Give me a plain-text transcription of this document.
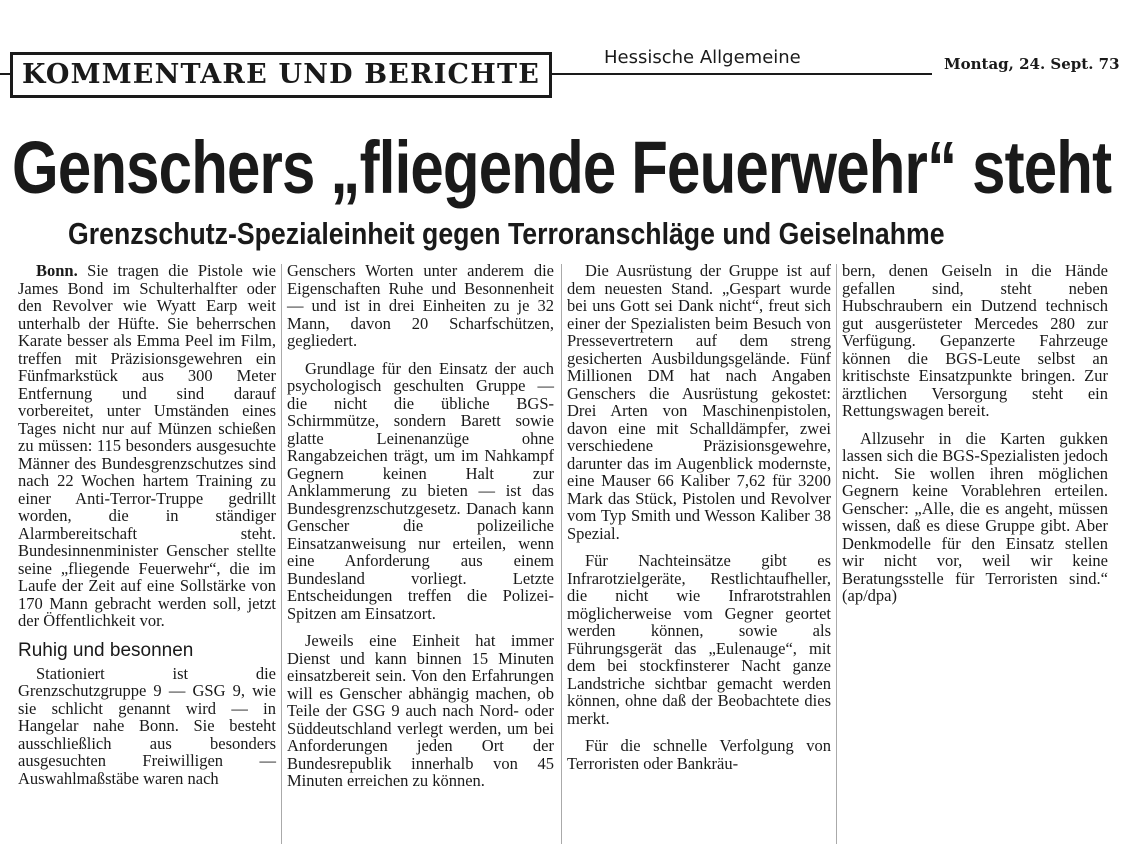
KOMMENTARE UND BERICHTE
Hessische Allgemeine	Montag, 24. Sept. 73
Genschers „fliegende Feuerwehr“ steht
Grenzschutz-Spezialeinheit gegen Terroranschläge und Geiselnahme

Bonn. Sie tragen die Pistole wie James Bond im Schulterhalfter oder den Revolver wie Wyatt Earp weit unterhalb der Hüfte. Sie beherrschen Karate besser als Emma Peel im Film, treffen mit Präzisionsgewehren ein Fünfmarkstück aus 300 Meter Entfernung und sind darauf vorbereitet, unter Umständen eines Tages nicht nur auf Münzen schießen zu müssen: 115 besonders ausgesuchte Männer des Bundesgrenzschutzes sind nach 22 Wochen hartem Training zu einer Anti-Terror-Truppe gedrillt worden, die in ständiger Alarmbereitschaft steht. Bundesinnenminister Genscher stellte seine „fliegende Feuerwehr“, die im Laufe der Zeit auf eine Sollstärke von 170 Mann gebracht werden soll, jetzt der Öffentlichkeit vor.

Ruhig und besonnen

Stationiert ist die Grenzschutzgruppe 9 — GSG 9, wie sie schlicht genannt wird — in Hangelar nahe Bonn. Sie besteht ausschließlich aus besonders ausgesuchten Freiwilligen — Auswahlmaßstäbe waren nach

Genschers Worten unter anderem die Eigenschaften Ruhe und Besonnenheit — und ist in drei Einheiten zu je 32 Mann, davon 20 Scharfschützen, gegliedert.

Grundlage für den Einsatz der auch psychologisch geschulten Gruppe — die nicht die übliche BGS-Schirmmütze, sondern Barett sowie glatte Leinenanzüge ohne Rangabzeichen trägt, um im Nahkampf Gegnern keinen Halt zur Anklammerung zu bieten — ist das Bundesgrenzschutzgesetz. Danach kann Genscher die polizeiliche Einsatzanweisung nur erteilen, wenn eine Anforderung aus einem Bundesland vorliegt. Letzte Entscheidungen treffen die Polizei-Spitzen am Einsatzort.

Jeweils eine Einheit hat immer Dienst und kann binnen 15 Minuten einsatzbereit sein. Von den Erfahrungen will es Genscher abhängig machen, ob Teile der GSG 9 auch nach Nord- oder Süddeutschland verlegt werden, um bei Anforderungen jeden Ort der Bundesrepublik innerhalb von 45 Minuten erreichen zu können.

Die Ausrüstung der Gruppe ist auf dem neuesten Stand. „Gespart wurde bei uns Gott sei Dank nicht“, freut sich einer der Spezialisten beim Besuch von Pressevertretern auf dem streng gesicherten Ausbildungsgelände. Fünf Millionen DM hat nach Angaben Genschers die Ausrüstung gekostet: Drei Arten von Maschinenpistolen, davon eine mit Schalldämpfer, zwei verschiedene Präzisionsgewehre, darunter das im Augenblick modernste, eine Mauser 66 Kaliber 7,62 für 3200 Mark das Stück, Pistolen und Revolver vom Typ Smith und Wesson Kaliber 38 Spezial.

Für Nachteinsätze gibt es Infrarotzielgeräte, Restlichtaufheller, die nicht wie Infrarotstrahlen möglicherweise vom Gegner geortet werden können, sowie als Führungsgerät das „Eulenauge“, mit dem bei stockfinsterer Nacht ganze Landstriche sichtbar gemacht werden können, ohne daß der Beobachtete dies merkt.

Für die schnelle Verfolgung von Terroristen oder Bankräu-

bern, denen Geiseln in die Hände gefallen sind, steht neben Hubschraubern ein Dutzend technisch gut ausgerüsteter Mercedes 280 zur Verfügung. Gepanzerte Fahrzeuge können die BGS-Leute selbst an kritischste Einsatzpunkte bringen. Zur ärztlichen Versorgung steht ein Rettungswagen bereit.

Allzusehr in die Karten gukken lassen sich die BGS-Spezialisten jedoch nicht. Sie wollen ihren möglichen Gegnern keine Vorablehren erteilen. Genscher: „Alle, die es angeht, müssen wissen, daß es diese Gruppe gibt. Aber Denkmodelle für den Einsatz stellen wir nicht vor, weil wir keine Beratungsstelle für Terroristen sind.“ (ap/dpa)
